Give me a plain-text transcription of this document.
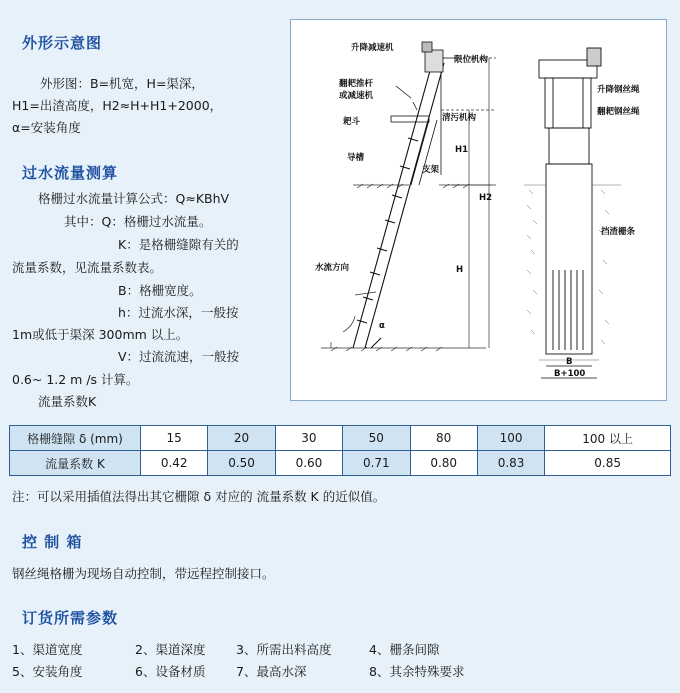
外形示意图
外形图：B=机宽，H=渠深，
H1=出渣高度，H2≈H+H1+2000，
α=安装角度
过水流量测算
格栅过水流量计算公式：Q≈KBhV
其中：Q：格栅过水流量。
K：是格栅缝隙有关的
流量系数，见流量系数表。
B：格栅宽度。
h：过流水深，一般按
1m或低于渠深 300mm 以上。
V：过流流速，一般按
0.6~ 1.2 m /s 计算。
流量系数K
升降减速机
限位机构
翻耙推杆
或减速机
耙斗	清污机构
导槽
支架
水流方向
α
H1
H2
H
升降钢丝绳
翻耙钢丝绳
挡渣栅条
B
B+100
格栅缝隙 δ (mm)	15	20	30	50	80	100	100 以上
流量系数 K	0.42	0.50	0.60	0.71	0.80	0.83	0.85
注：可以采用插值法得出其它栅隙 δ 对应的 流量系数 K 的近似值。
控 制 箱
钢丝绳格栅为现场自动控制，带远程控制接口。
订货所需参数
1、渠道宽度	2、渠道深度 3、所需出料高度	4、栅条间隙
5、安装角度	6、设备材质 7、最高水深	8、其余特殊要求
